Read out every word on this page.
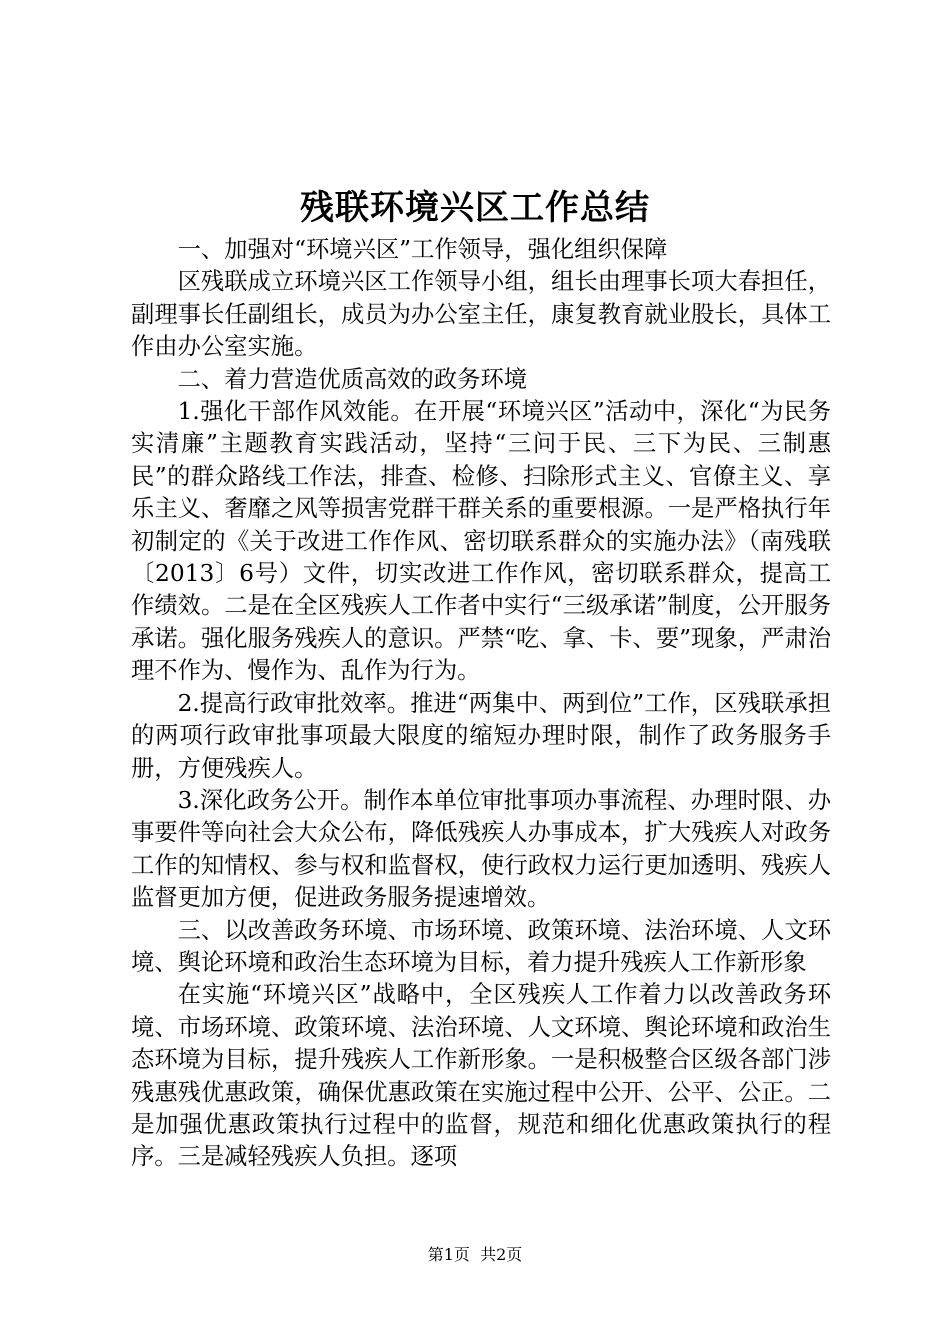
残联环境兴区工作总结

一、加强对“环境兴区”工作领导，强化组织保障

区残联成立环境兴区工作领导小组，组长由理事长项大春担任，副理事长任副组长，成员为办公室主任，康复教育就业股长，具体工作由办公室实施。

二、着力营造优质高效的政务环境

1.强化干部作风效能。在开展“环境兴区”活动中，深化“为民务实清廉”主题教育实践活动，坚持“三问于民、三下为民、三制惠民”的群众路线工作法，排查、检修、扫除形式主义、官僚主义、享乐主义、奢靡之风等损害党群干群关系的重要根源。一是严格执行年初制定的《关于改进工作作风、密切联系群众的实施办法》（南残联〔2013〕6号）文件，切实改进工作作风，密切联系群众，提高工作绩效。二是在全区残疾人工作者中实行“三级承诺”制度，公开服务承诺。强化服务残疾人的意识。严禁“吃、拿、卡、要”现象，严肃治理不作为、慢作为、乱作为行为。

2.提高行政审批效率。推进“两集中、两到位”工作，区残联承担的两项行政审批事项最大限度的缩短办理时限，制作了政务服务手册，方便残疾人。

3.深化政务公开。制作本单位审批事项办事流程、办理时限、办事要件等向社会大众公布，降低残疾人办事成本，扩大残疾人对政务工作的知情权、参与权和监督权，使行政权力运行更加透明、残疾人监督更加方便，促进政务服务提速增效。

三、以改善政务环境、市场环境、政策环境、法治环境、人文环境、舆论环境和政治生态环境为目标，着力提升残疾人工作新形象

在实施“环境兴区”战略中，全区残疾人工作着力以改善政务环境、市场环境、政策环境、法治环境、人文环境、舆论环境和政治生态环境为目标，提升残疾人工作新形象。一是积极整合区级各部门涉残惠残优惠政策，确保优惠政策在实施过程中公开、公平、公正。二是加强优惠政策执行过程中的监督，规范和细化优惠政策执行的程序。三是减轻残疾人负担。逐项

第1页  共2页
